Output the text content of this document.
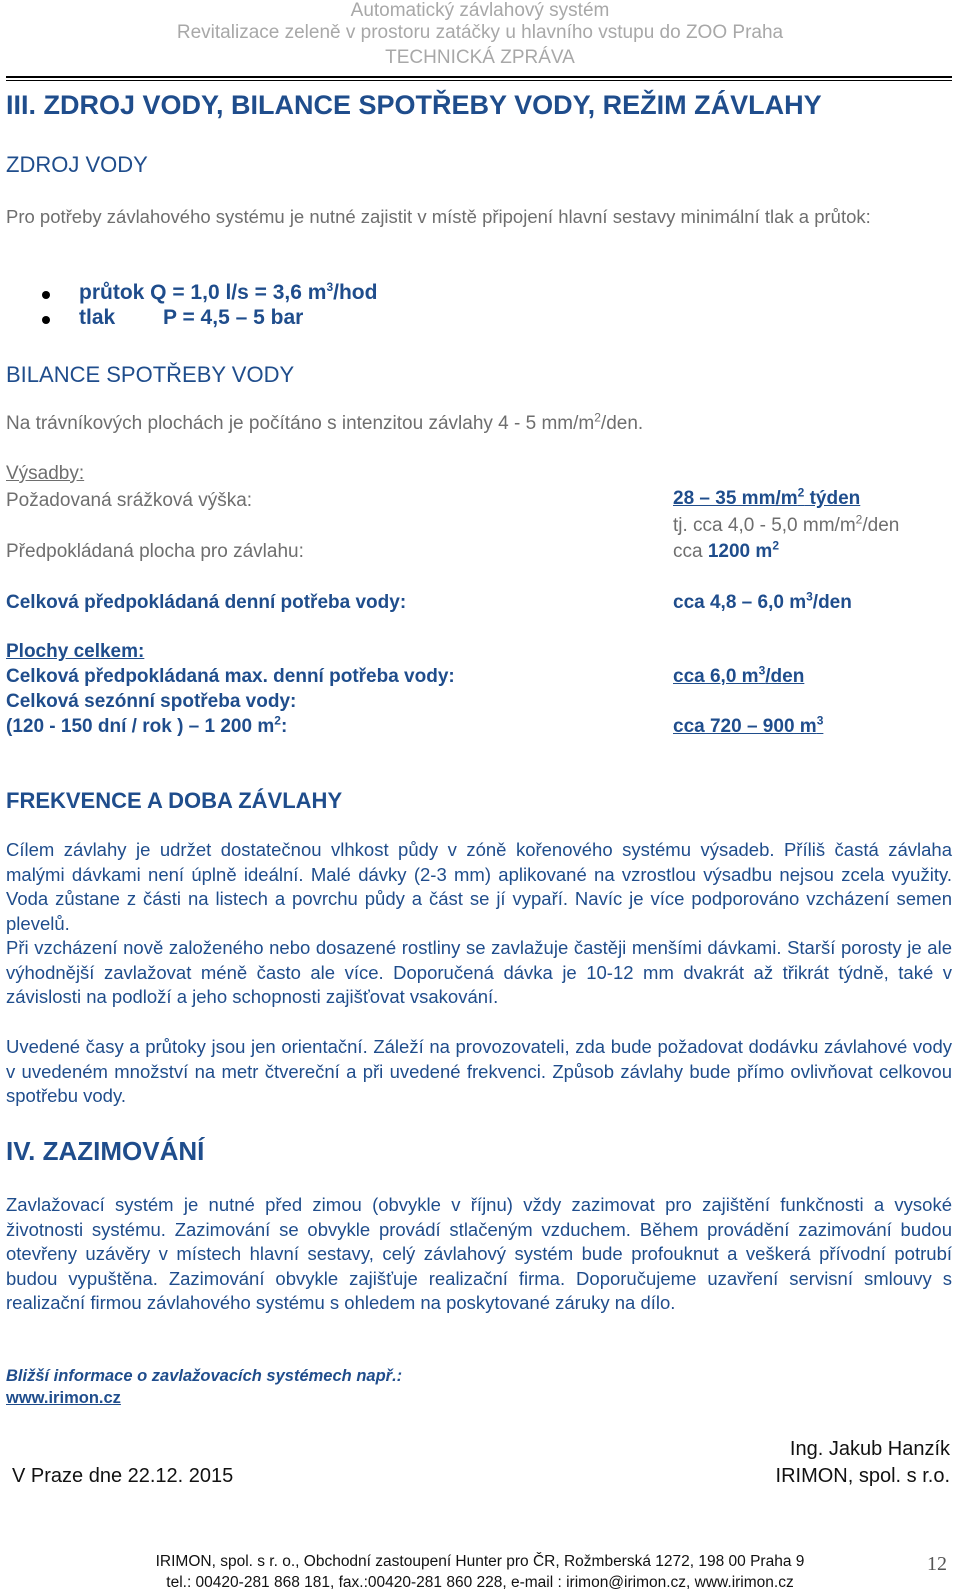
Automatický závlahový systém
Revitalizace zeleně v prostoru zatáčky u hlavního vstupu do ZOO Praha
TECHNICKÁ ZPRÁVA
III. ZDROJ VODY, BILANCE SPOTŘEBY VODY, REŽIM ZÁVLAHY
ZDROJ VODY
Pro potřeby závlahového systému je nutné zajistit v místě připojení hlavní sestavy minimální tlak a průtok:
průtok Q = 1,0 l/s = 3,6 $m^3$/hod
tlak P = 4,5 – 5 bar
BILANCE SPOTŘEBY VODY
Na trávníkových plochách je počítáno s intenzitou závlahy 4 - 5 $mm/m^2$/den.
Výsadby:
Požadovaná srážková výška:	28 – 35 $mm/m^2$ týden
tj. cca 4,0 - 5,0 $mm/m^2$/den
Předpokládaná plocha pro závlahu:	cca 1200 $m^2$
Celková předpokládaná denní potřeba vody:	cca 4,8 – 6,0 $m^3$/den
Plochy celkem:
Celková předpokládaná max. denní potřeba vody:	cca 6,0 $m^3$/den
Celková sezónní spotřeba vody:
(120 - 150 dní / rok ) – 1 200 $m^2$:	cca 720 – 900 $m^3$
FREKVENCE A DOBA ZÁVLAHY
Cílem závlahy je udržet dostatečnou vlhkost půdy v zóně kořenového systému výsadeb. Příliš častá závlaha malými dávkami není úplně ideální. Malé dávky (2-3 mm) aplikované na vzrostlou výsadbu nejsou zcela využity. Voda zůstane z části na listech a povrchu půdy a část se jí vypaří. Navíc je více podporováno vzcházení semen plevelů.
Při vzcházení nově založeného nebo dosazené rostliny se zavlažuje častěji menšími dávkami. Starší porosty je ale výhodnější zavlažovat méně často ale více. Doporučená dávka je 10-12 mm dvakrát až třikrát týdně, také v závislosti na podloží a jeho schopnosti zajišťovat vsakování.
Uvedené časy a průtoky jsou jen orientační. Záleží na provozovateli, zda bude požadovat dodávku závlahové vody v uvedeném množství na metr čtvereční a při uvedené frekvenci. Způsob závlahy bude přímo ovlivňovat celkovou spotřebu vody.
IV. ZAZIMOVÁNÍ
Zavlažovací systém je nutné před zimou (obvykle v říjnu) vždy zazimovat pro zajištění funkčnosti a vysoké životnosti systému. Zazimování se obvykle provádí stlačeným vzduchem. Během provádění zazimování budou otevřeny uzávěry v místech hlavní sestavy, celý závlahový systém bude profouknut a veškerá přívodní potrubí budou vypuštěna. Zazimování obvykle zajišťuje realizační firma. Doporučujeme uzavření servisní smlouvy s realizační firmou závlahového systému s ohledem na poskytované záruky na dílo.
Bližší informace o zavlažovacích systémech např.:
www.irimon.cz
Ing. Jakub Hanzík
V Praze dne 22.12. 2015	IRIMON, spol. s r.o.
IRIMON, spol. s r. o., Obchodní zastoupení Hunter pro ČR, Rožmberská 1272, 198 00 Praha 9
tel.: 00420-281 868 181, fax.:00420-281 860 228, e-mail : irimon@irimon.cz, www.irimon.cz
12
